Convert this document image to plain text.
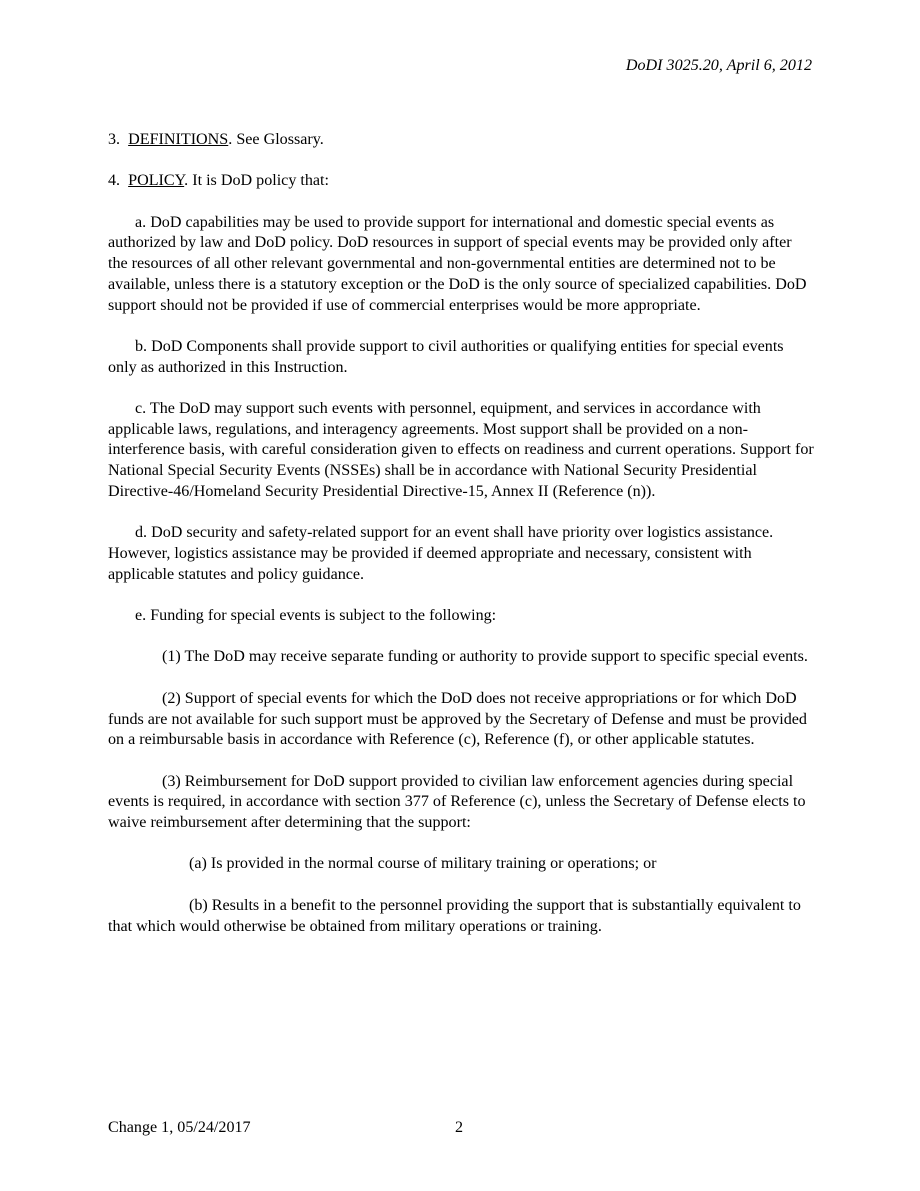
DoDI 3025.20, April 6, 2012

3. DEFINITIONS. See Glossary.

4. POLICY. It is DoD policy that:

a. DoD capabilities may be used to provide support for international and domestic special events as authorized by law and DoD policy. DoD resources in support of special events may be provided only after the resources of all other relevant governmental and non-governmental entities are determined not to be available, unless there is a statutory exception or the DoD is the only source of specialized capabilities. DoD support should not be provided if use of commercial enterprises would be more appropriate.

b. DoD Components shall provide support to civil authorities or qualifying entities for special events only as authorized in this Instruction.

c. The DoD may support such events with personnel, equipment, and services in accordance with applicable laws, regulations, and interagency agreements. Most support shall be provided on a non-interference basis, with careful consideration given to effects on readiness and current operations. Support for National Special Security Events (NSSEs) shall be in accordance with National Security Presidential Directive-46/Homeland Security Presidential Directive-15, Annex II (Reference (n)).

d. DoD security and safety-related support for an event shall have priority over logistics assistance. However, logistics assistance may be provided if deemed appropriate and necessary, consistent with applicable statutes and policy guidance.

e. Funding for special events is subject to the following:

(1) The DoD may receive separate funding or authority to provide support to specific special events.

(2) Support of special events for which the DoD does not receive appropriations or for which DoD funds are not available for such support must be approved by the Secretary of Defense and must be provided on a reimbursable basis in accordance with Reference (c), Reference (f), or other applicable statutes.

(3) Reimbursement for DoD support provided to civilian law enforcement agencies during special events is required, in accordance with section 377 of Reference (c), unless the Secretary of Defense elects to waive reimbursement after determining that the support:

(a) Is provided in the normal course of military training or operations; or

(b) Results in a benefit to the personnel providing the support that is substantially equivalent to that which would otherwise be obtained from military operations or training.

Change 1, 05/24/2017	2
